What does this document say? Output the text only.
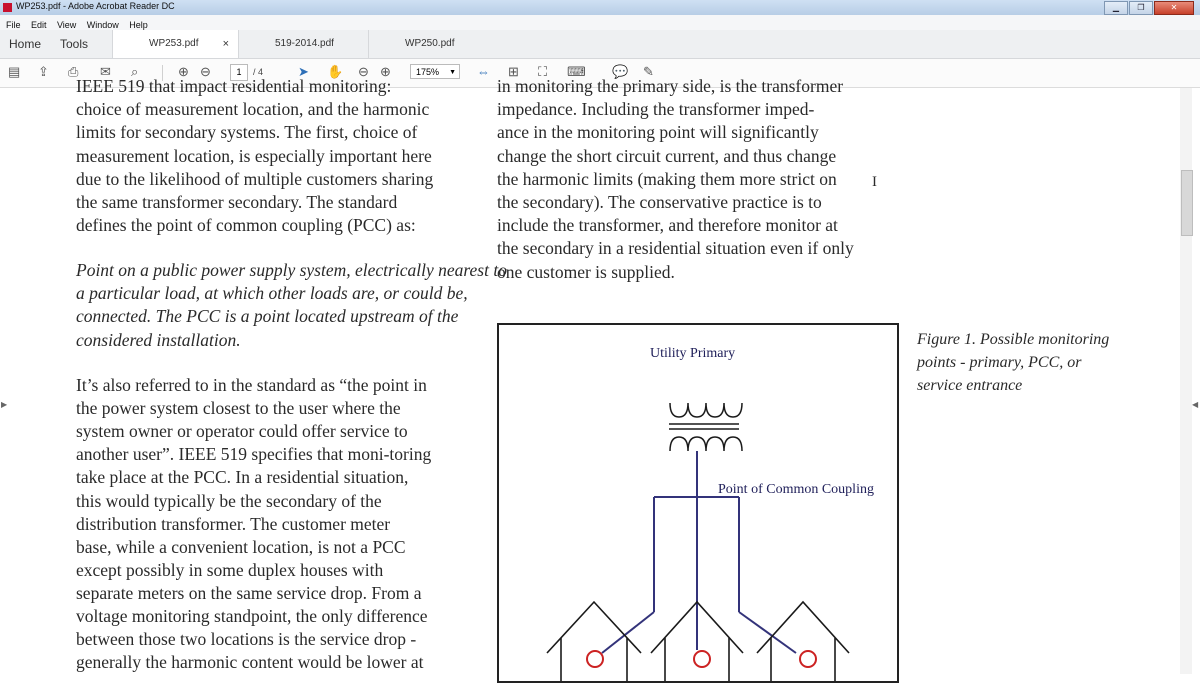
WP253.pdf - Adobe Acrobat Reader DC	▁	❐	✕
File Edit View Window Help
Home Tools	WP253.pdf ×	519-2014.pdf	WP250.pdf
▤ ⇪ ⎙ ✉ ⌕	⊕ ⊖	1	/ 4	➤ ✋ ⊖ ⊕	175% ▼ ⇔ ⊞ ⛶ ⌨ 💬 ✎
IEEE 519 that impact residential monitoring:
choice of measurement location, and the harmonic
limits for secondary systems. The first, choice of
measurement location, is especially important here
due to the likelihood of multiple customers sharing
the same transformer secondary. The standard
defines the point of common coupling (PCC) as:
Point on a public power supply system, electrically nearest to
a particular load, at which other loads are, or could be,
connected. The PCC is a point located upstream of the
considered installation.
It’s also referred to in the standard as “the point in
the power system closest to the user where the
system owner or operator could offer service to
another user”. IEEE 519 specifies that moni-toring
take place at the PCC. In a residential situation,
this would typically be the secondary of the
distribution transformer. The customer meter
base, while a convenient location, is not a PCC
except possibly in some duplex houses with
separate meters on the same service drop. From a
voltage monitoring standpoint, the only difference
between those two locations is the service drop -
generally the harmonic content would be lower at
in monitoring the primary side, is the transformer
impedance. Including the transformer imped-
ance in the monitoring point will significantly
change the short circuit current, and thus change
the harmonic limits (making them more strict on
the secondary). The conservative practice is to
include the transformer, and therefore monitor at
the secondary in a residential situation even if only
one customer is supplied.
Utility Primary
Point of Common Coupling
Figure 1. Possible monitoring
points - primary, PCC, or
service entrance
I
▶	◀
